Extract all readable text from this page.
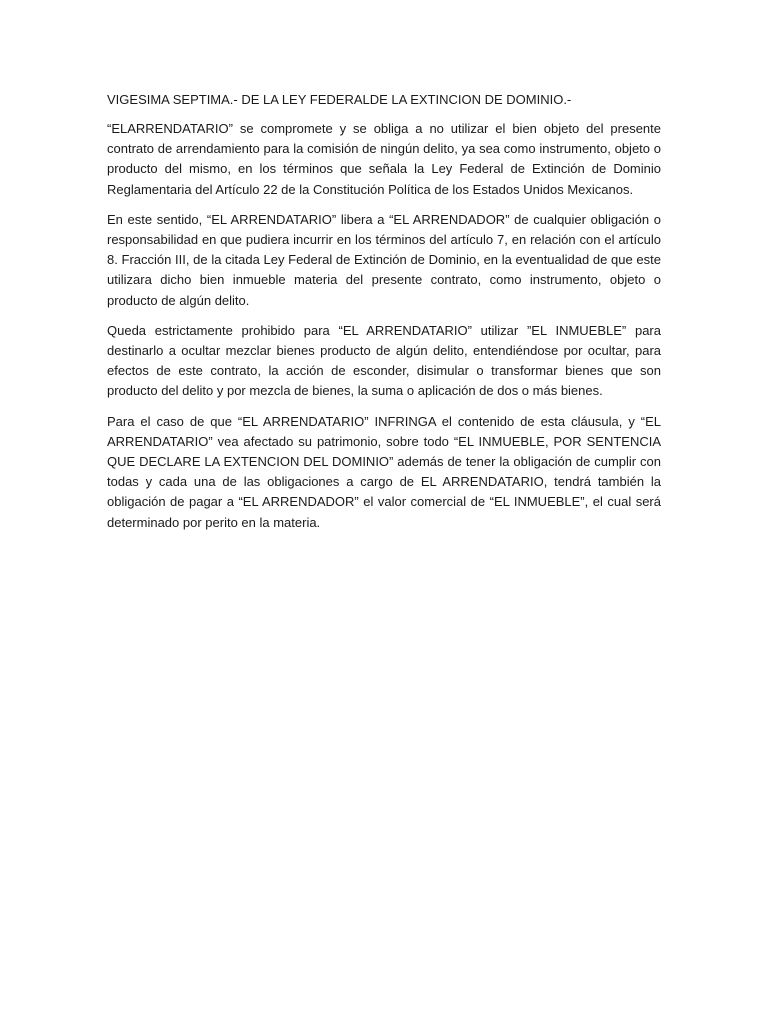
VIGESIMA SEPTIMA.- DE LA LEY FEDERALDE LA EXTINCION DE DOMINIO.-

“ELARRENDATARIO” se compromete y se obliga a no utilizar el bien objeto del presente contrato de arrendamiento para la comisión de ningún delito, ya sea como instrumento, objeto o producto del mismo, en los términos que señala la Ley Federal de Extinción de Dominio Reglamentaria del Artículo 22 de la Constitución Política de los Estados Unidos Mexicanos.

En este sentido, “EL ARRENDATARIO” libera a “EL ARRENDADOR” de cualquier obligación o responsabilidad en que pudiera incurrir en los términos del artículo 7, en relación con el artículo 8. Fracción III, de la citada Ley Federal de Extinción de Dominio, en la eventualidad de que este utilizara dicho bien inmueble materia del presente contrato, como instrumento, objeto o producto de algún delito.

Queda estrictamente prohibido para “EL ARRENDATARIO” utilizar ”EL INMUEBLE” para destinarlo a ocultar mezclar bienes producto de algún delito, entendiéndose por ocultar, para efectos de este contrato, la acción de esconder, disimular o transformar bienes que son producto del delito y por mezcla de bienes, la suma o aplicación de dos o más bienes.

Para el caso de que “EL ARRENDATARIO” INFRINGA el contenido de esta cláusula, y “EL ARRENDATARIO” vea afectado su patrimonio, sobre todo “EL INMUEBLE, POR SENTENCIA QUE DECLARE LA EXTENCION DEL DOMINIO” además de tener la obligación de cumplir con todas y cada una de las obligaciones a cargo de EL ARRENDATARIO, tendrá también la obligación de pagar a “EL ARRENDADOR” el valor comercial de “EL INMUEBLE”, el cual será determinado por perito en la materia.
